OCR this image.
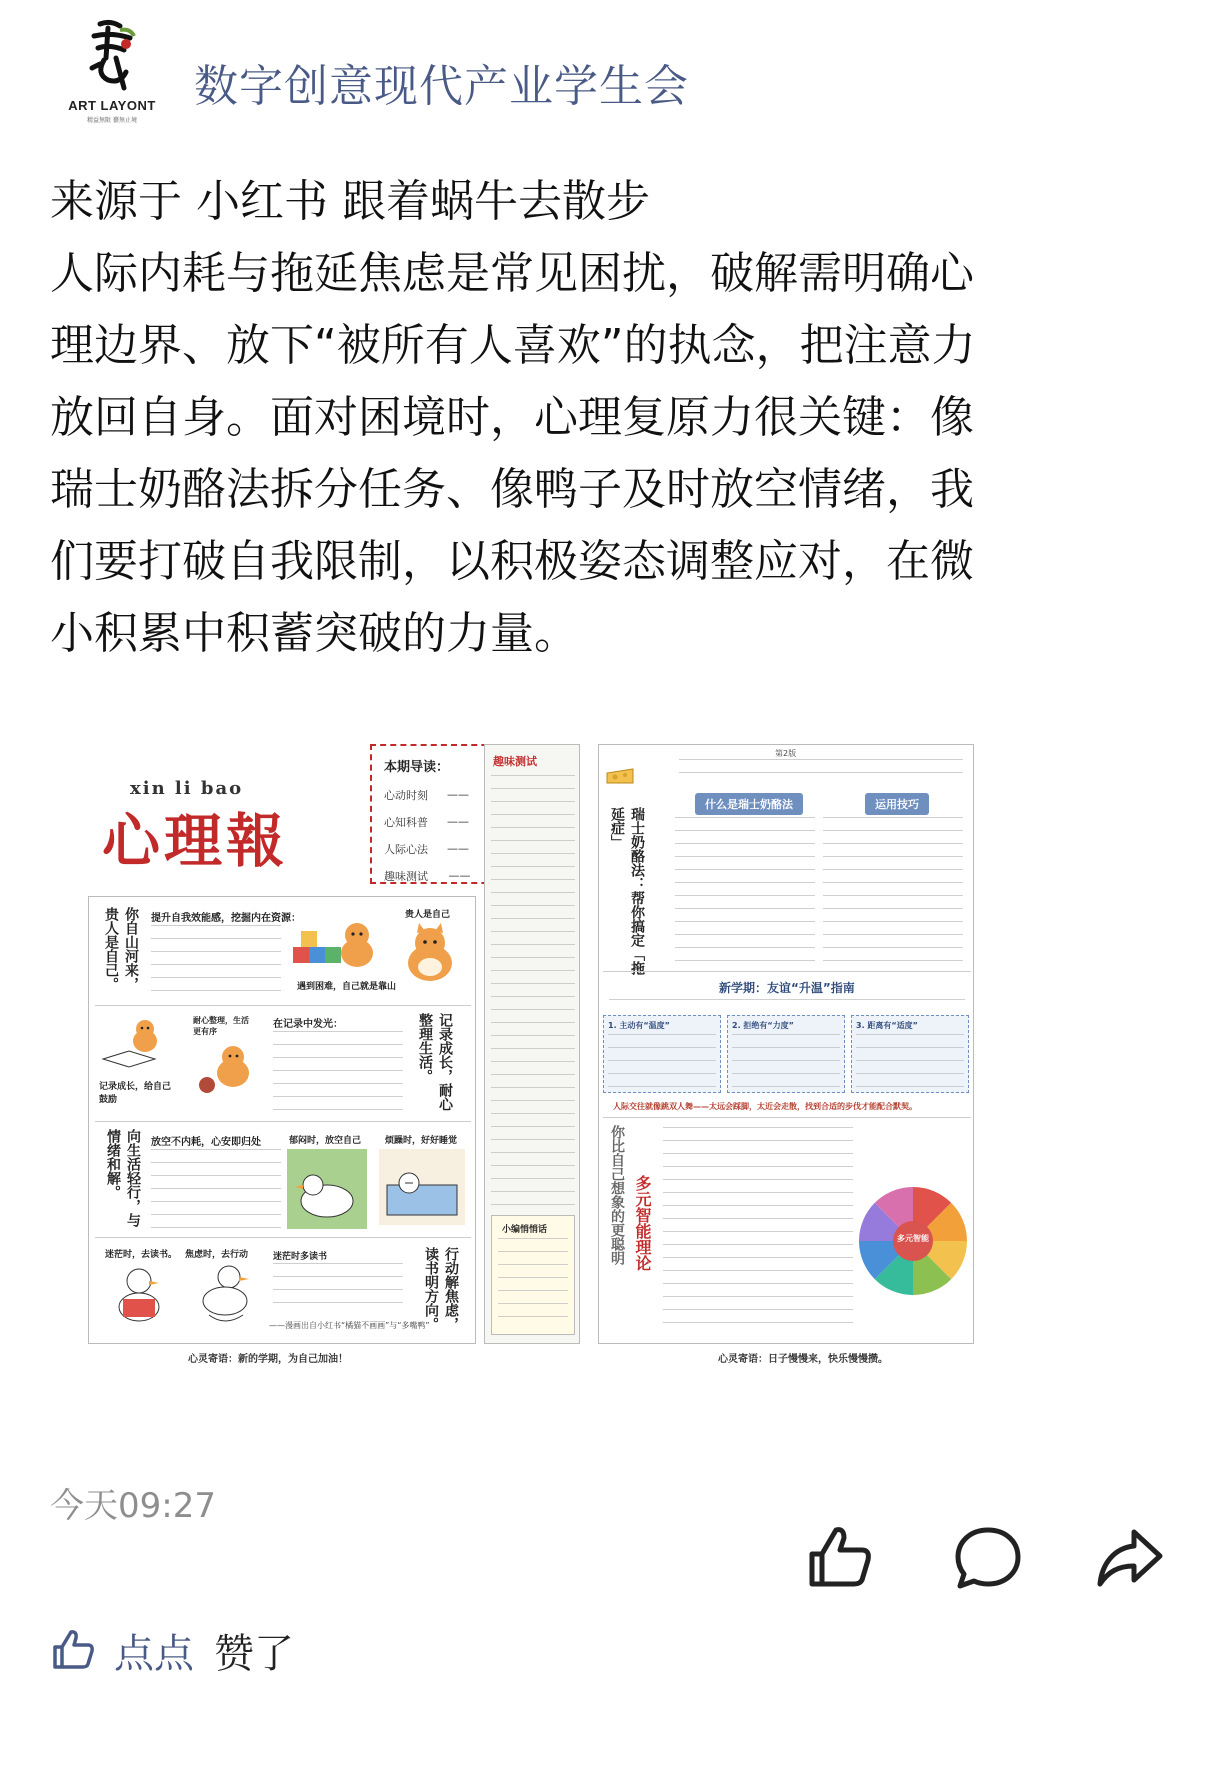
ART LAYONT
精益無限 藝無止境
数字创意现代产业学生会

来源于 小红书 跟着蜗牛去散步

人际内耗与拖延焦虑是常见困扰，破解需明确心

理边界、放下“被所有人喜欢”的执念，把注意力

放回自身。面对困境时，心理复原力很关键：像

瑞士奶酪法拆分任务、像鸭子及时放空情绪，我

们要打破自我限制，以积极姿态调整应对，在微

小积累中积蓄突破的力量。

xin li bao
心理報
本期导读：
心动时刻 ——
心知科普 ——
人际心法 ——
趣味测试 ——
你自山河来，贵人是自己。	提升自我效能感，挖掘内在资源：
遇到困难，自己就是靠山
贵人是自己
记录成长，给自己鼓励
耐心整理，生活更有序
在记录中发光：	记录成长，耐心整理生活。
向生活轻行，与情绪和解。	放空不内耗，心安即归处	郁闷时，放空自己	烦躁时，好好睡觉
迷茫时，去读书。 焦虑时，去行动	迷茫时多读书
——漫画出自小红书“橘猫不画画”与“多嘴鸭” 行动解焦虑，读书明方向。
心灵寄语：新的学期，为自己加油！
趣味测试
小编悄悄话
第2版
瑞士奶酪法：帮你搞定「拖延症」
什么是瑞士奶酪法	运用技巧
新学期：友谊“升温”指南
1. 主动有“温度”	2. 拒绝有“力度”	3. 距离有“适度”
人际交往就像跳双人舞——太远会踩脚，太近会走散，找到合适的步伐才能配合默契。
你比自己想象的更聪明 多元智能理论	多元智能
心灵寄语：日子慢慢来，快乐慢慢攒。
今天09:27
点点 赞了
